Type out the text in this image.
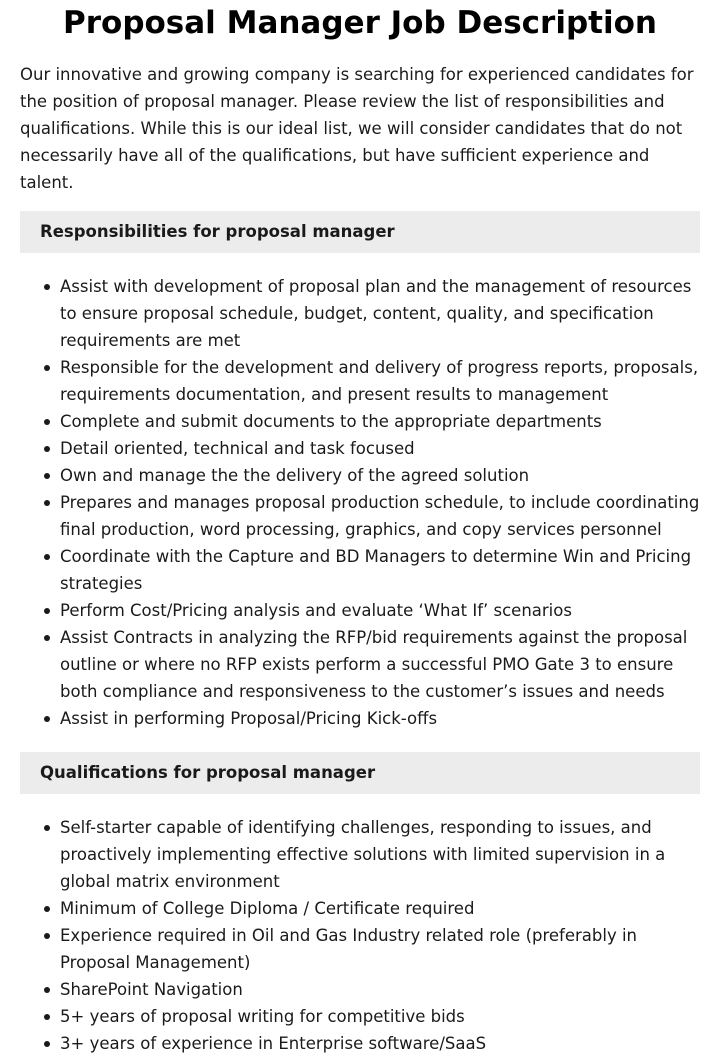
Proposal Manager Job Description

Our innovative and growing company is searching for experienced candidates for the position of proposal manager. Please review the list of responsibilities and qualifications. While this is our ideal list, we will consider candidates that do not necessarily have all of the qualifications, but have sufficient experience and talent.

Responsibilities for proposal manager
Assist with development of proposal plan and the management of resources to ensure proposal schedule, budget, content, quality, and specification requirements are met
Responsible for the development and delivery of progress reports, proposals, requirements documentation, and present results to management
Complete and submit documents to the appropriate departments
Detail oriented, technical and task focused
Own and manage the the delivery of the agreed solution
Prepares and manages proposal production schedule, to include coordinating final production, word processing, graphics, and copy services personnel
Coordinate with the Capture and BD Managers to determine Win and Pricing strategies
Perform Cost/Pricing analysis and evaluate ‘What If’ scenarios
Assist Contracts in analyzing the RFP/bid requirements against the proposal outline or where no RFP exists perform a successful PMO Gate 3 to ensure both compliance and responsiveness to the customer’s issues and needs
Assist in performing Proposal/Pricing Kick-offs
Qualifications for proposal manager
Self-starter capable of identifying challenges, responding to issues, and proactively implementing effective solutions with limited supervision in a global matrix environment
Minimum of College Diploma / Certificate required
Experience required in Oil and Gas Industry related role (preferably in Proposal Management)
SharePoint Navigation
5+ years of proposal writing for competitive bids
3+ years of experience in Enterprise software/SaaS
